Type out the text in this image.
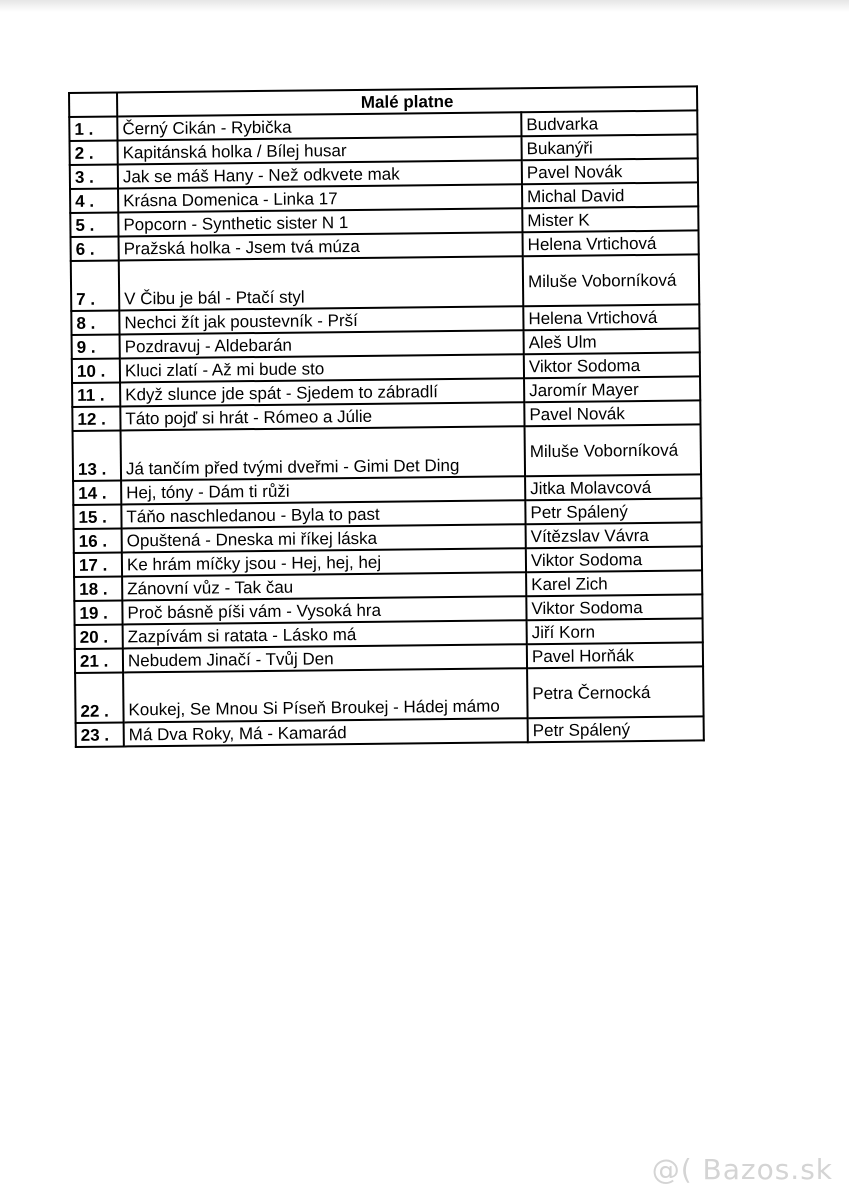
	Malé platne	
1 .	Černý Cikán - Rybička	Budvarka
2 .	Kapitánská holka / Bílej husar	Bukanýři
3 .	Jak se máš Hany - Než odkvete mak	Pavel Novák
4 .	Krásna Domenica - Linka 17	Michal David
5 .	Popcorn - Synthetic sister N 1	Mister K
6 .	Pražská holka - Jsem tvá múza	Helena Vrtichová
7 .	V Čibu je bál - Ptačí styl	Miluše Voborníková
8 .	Nechci žít jak poustevník - Prší	Helena Vrtichová
9 .	Pozdravuj - Aldebarán	Aleš Ulm
10 .	Kluci zlatí - Až mi bude sto	Viktor Sodoma
11 .	Když slunce jde spát - Sjedem to zábradlí	Jaromír Mayer
12 .	Táto pojď si hrát - Rómeo a Júlie	Pavel Novák
13 .	Já tančím před tvými dveřmi - Gimi Det Ding	Miluše Voborníková
14 .	Hej, tóny - Dám ti růži	Jitka Molavcová
15 .	Táňo naschledanou - Byla to past	Petr Spálený
16 .	Opuštená - Dneska mi říkej láska	Vítězslav Vávra
17 .	Ke hrám míčky jsou - Hej, hej, hej	Viktor Sodoma
18 .	Zánovní vůz - Tak čau	Karel Zich
19 .	Proč básně píši vám - Vysoká hra	Viktor Sodoma
20 .	Zazpívám si ratata - Lásko má	Jiří Korn
21 .	Nebudem Jinačí - Tvůj Den	Pavel Horňák
22 .	Koukej, Se Mnou Si Píseň Broukej - Hádej mámo	Petra Černocká
23 .	Má Dva Roky, Má - Kamarád	Petr Spálený
@( Bazos.sk
